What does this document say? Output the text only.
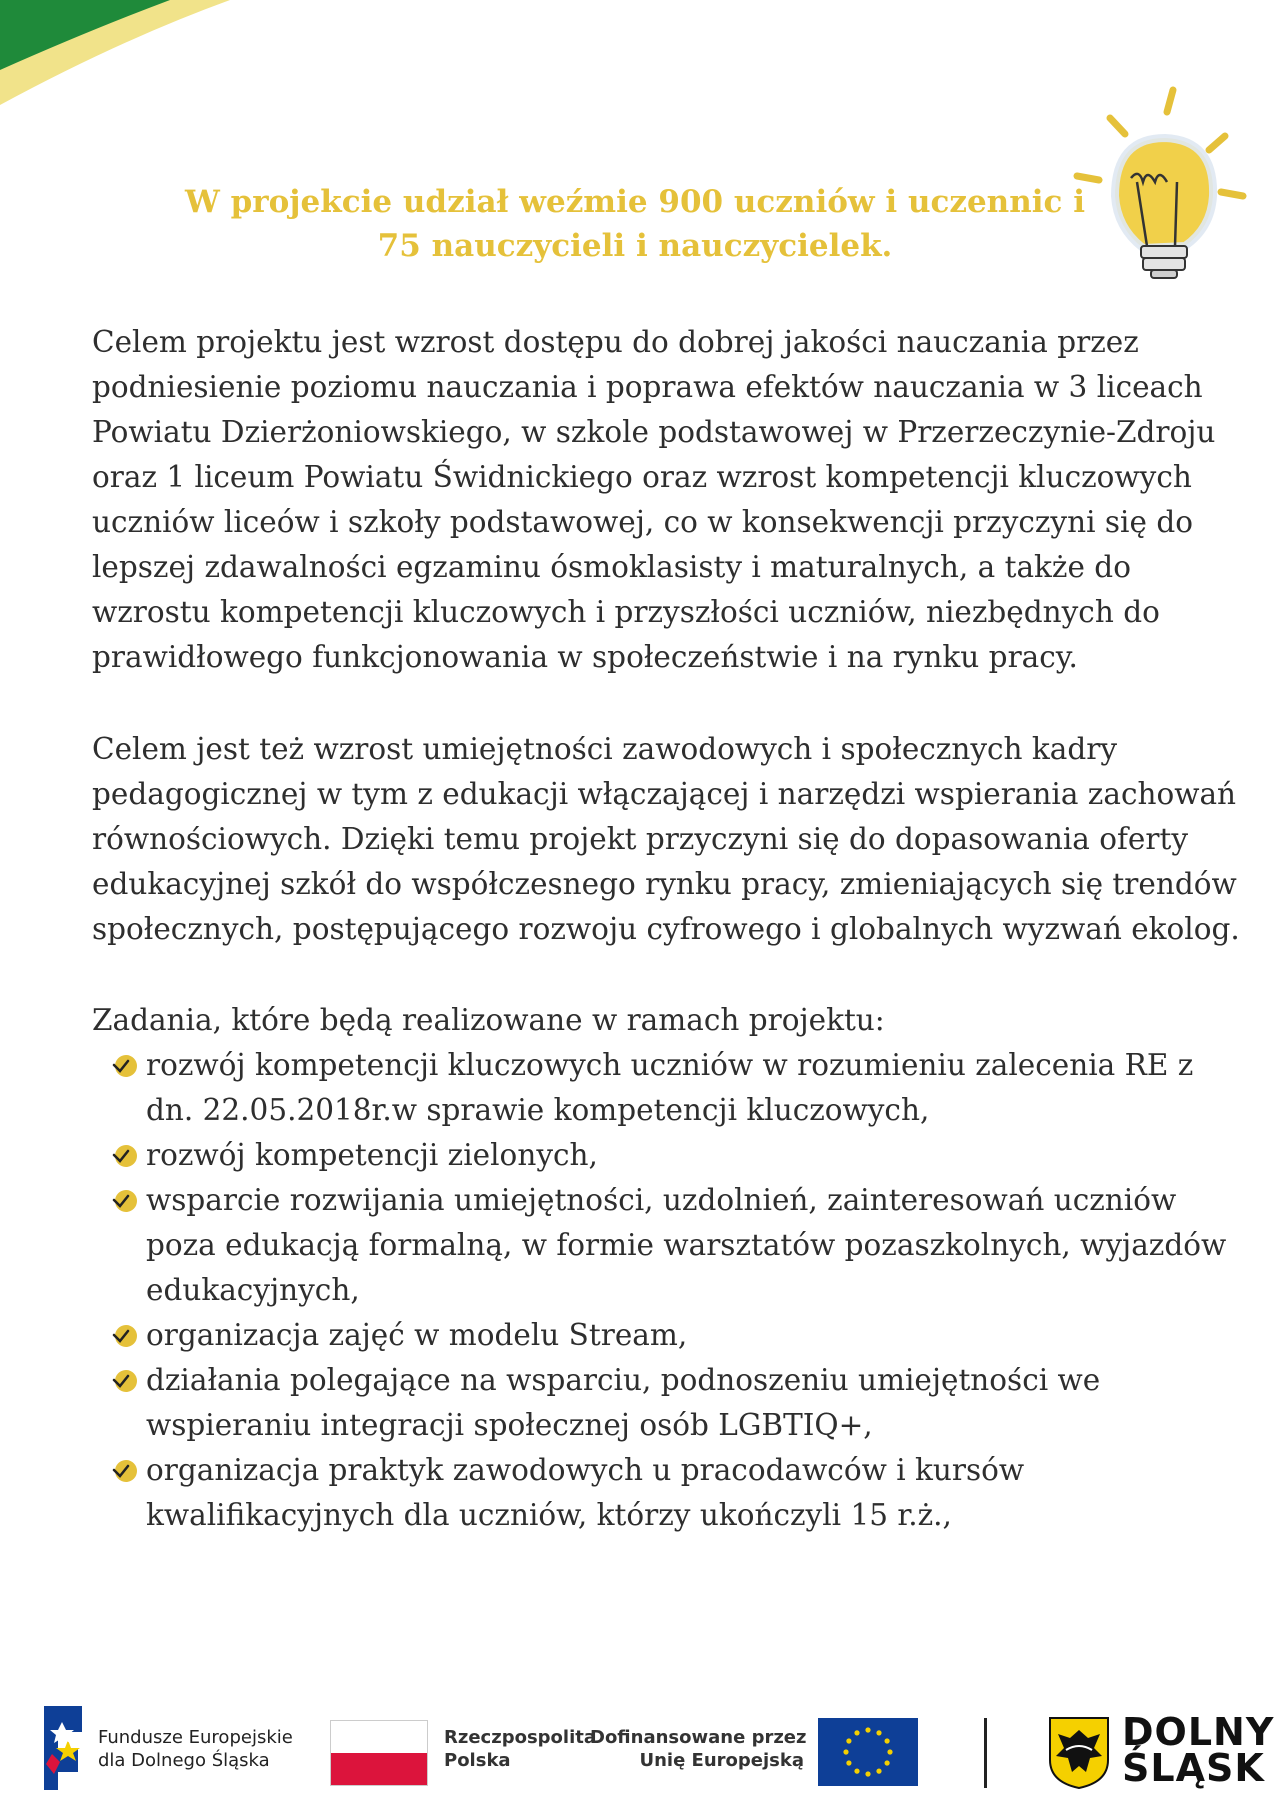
W projekcie udział weźmie 900 uczniów i uczennic i
75 nauczycieli i nauczycielek.
Celem projektu jest wzrost dostępu do dobrej jakości nauczania przez
podniesienie poziomu nauczania i poprawa efektów nauczania w 3 liceach
Powiatu Dzierżoniowskiego, w szkole podstawowej w Przerzeczynie-Zdroju
oraz 1 liceum Powiatu Świdnickiego oraz wzrost kompetencji kluczowych
uczniów liceów i szkoły podstawowej, co w konsekwencji przyczyni się do
lepszej zdawalności egzaminu ósmoklasisty i maturalnych, a także do
wzrostu kompetencji kluczowych i przyszłości uczniów, niezbędnych do
prawidłowego funkcjonowania w społeczeństwie i na rynku pracy.
Celem jest też wzrost umiejętności zawodowych i społecznych kadry
pedagogicznej w tym z edukacji włączającej i narzędzi wspierania zachowań
równościowych. Dzięki temu projekt przyczyni się do dopasowania oferty
edukacyjnej szkół do współczesnego rynku pracy, zmieniających się trendów
społecznych, postępującego rozwoju cyfrowego i globalnych wyzwań ekolog.
Zadania, które będą realizowane w ramach projektu:
rozwój kompetencji kluczowych uczniów w rozumieniu zalecenia RE z
dn. 22.05.2018r.w sprawie kompetencji kluczowych,
rozwój kompetencji zielonych,
wsparcie rozwijania umiejętności, uzdolnień, zainteresowań uczniów
poza edukacją formalną, w formie warsztatów pozaszkolnych, wyjazdów
edukacyjnych,
organizacja zajęć w modelu Stream,
działania polegające na wsparciu, podnoszeniu umiejętności we
wspieraniu integracji społecznej osób LGBTIQ+,
organizacja praktyk zawodowych u pracodawców i kursów
kwalifikacyjnych dla uczniów, którzy ukończyli 15 r.ż.,
Fundusze Europejskie
dla Dolnego Śląska
Rzeczpospolita
Polska
Dofinansowane przez
Unię Europejską
DOLNY
ŚLĄSK
